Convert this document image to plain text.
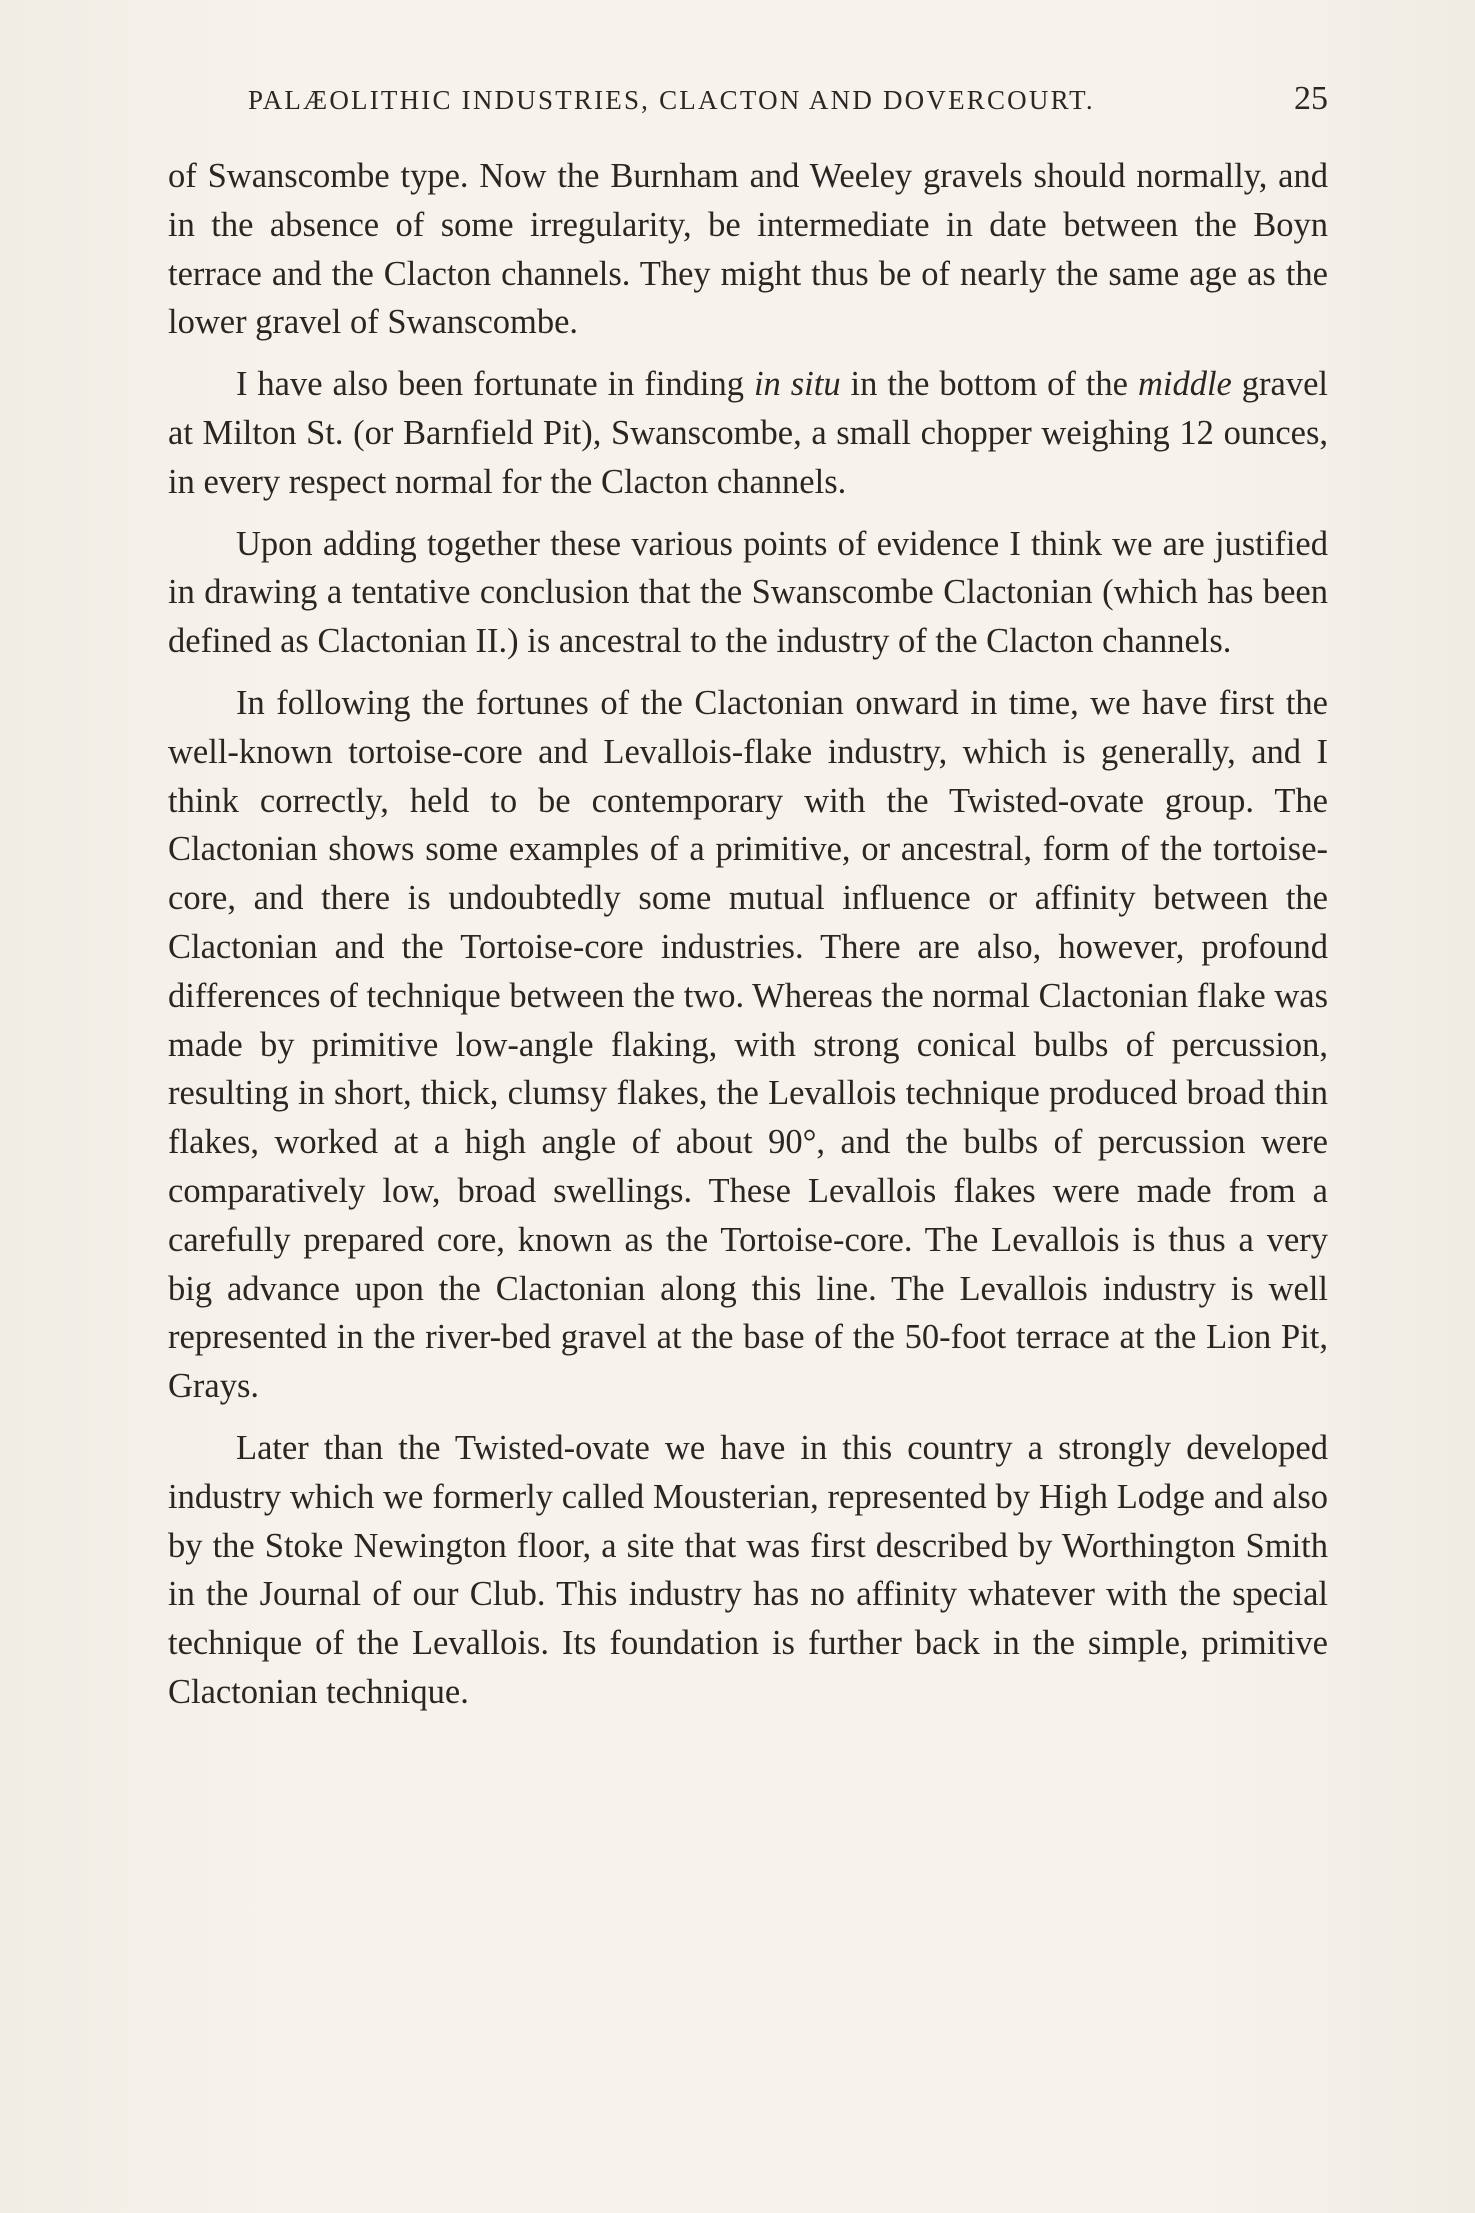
PALÆOLITHIC INDUSTRIES, CLACTON AND DOVERCOURT.	25

of Swanscombe type. Now the Burnham and Weeley gravels should normally, and in the absence of some irregularity, be intermediate in date between the Boyn terrace and the Clacton channels. They might thus be of nearly the same age as the lower gravel of Swanscombe.

I have also been fortunate in finding in situ in the bottom of the middle gravel at Milton St. (or Barnfield Pit), Swanscombe, a small chopper weighing 12 ounces, in every respect normal for the Clacton channels.

Upon adding together these various points of evidence I think we are justified in drawing a tentative conclusion that the Swanscombe Clactonian (which has been defined as Clactonian II.) is ancestral to the industry of the Clacton channels.

In following the fortunes of the Clactonian onward in time, we have first the well-known tortoise-core and Levallois-flake industry, which is generally, and I think correctly, held to be contemporary with the Twisted-ovate group. The Clactonian shows some examples of a primitive, or ancestral, form of the tortoise-core, and there is undoubtedly some mutual influence or affinity between the Clactonian and the Tortoise-core industries. There are also, however, profound differences of technique between the two. Whereas the normal Clactonian flake was made by primitive low-angle flaking, with strong conical bulbs of percussion, resulting in short, thick, clumsy flakes, the Levallois technique produced broad thin flakes, worked at a high angle of about 90°, and the bulbs of percussion were comparatively low, broad swellings. These Levallois flakes were made from a carefully prepared core, known as the Tortoise-core. The Levallois is thus a very big advance upon the Clactonian along this line. The Levallois industry is well represented in the river-bed gravel at the base of the 50-foot terrace at the Lion Pit, Grays.

Later than the Twisted-ovate we have in this country a strongly developed industry which we formerly called Mousterian, represented by High Lodge and also by the Stoke Newington floor, a site that was first described by Worthington Smith in the Journal of our Club. This industry has no affinity whatever with the special technique of the Levallois. Its foundation is further back in the simple, primitive Clactonian technique.
